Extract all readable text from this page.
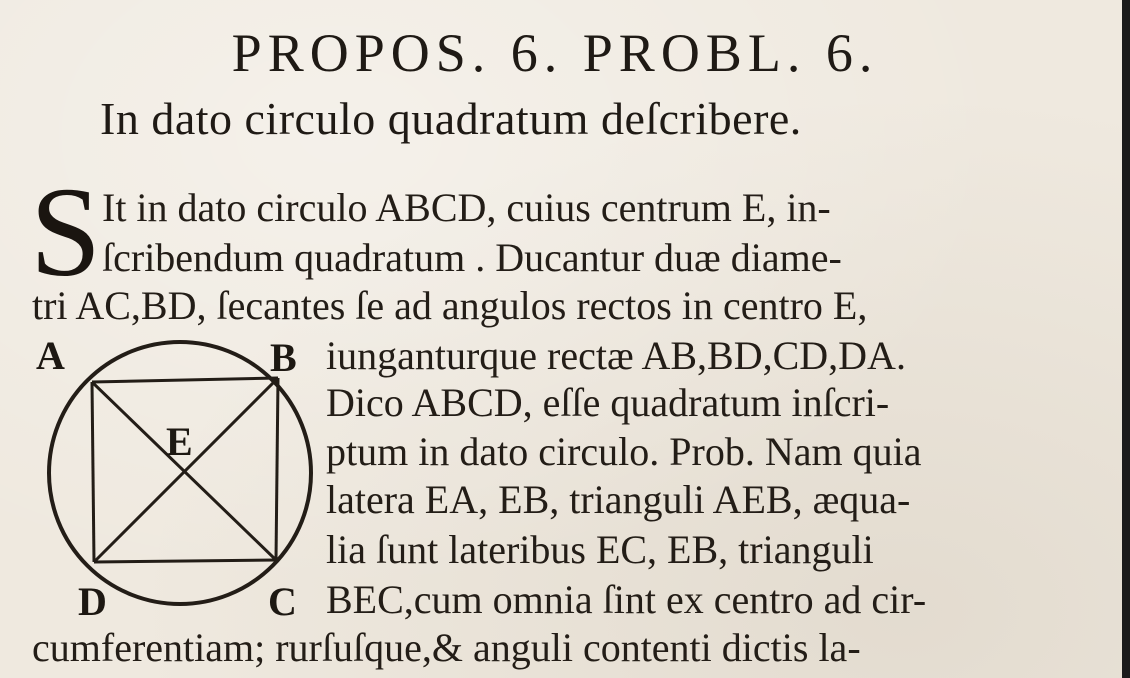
PROPOS. 6. PROBL. 6.
In dato circulo quadratum deſcribere.
S It in dato circulo ABCD, cuius centrum E, in-
ſcribendum quadratum . Ducantur duæ diame-
tri AC,BD, ſecantes ſe ad angulos rectos in centro E,
iunganturque rectæ AB,BD,CD,DA.
Dico ABCD, eſſe quadratum inſcri-
ptum in dato circulo. Prob. Nam quia
latera EA, EB, trianguli AEB, æqua-
lia ſunt lateribus EC, EB, trianguli
BEC,cum omnia ſint ex centro ad cir-
cumferentiam; rurſuſque,& anguli contenti dictis la-
A	B
E
D	C
